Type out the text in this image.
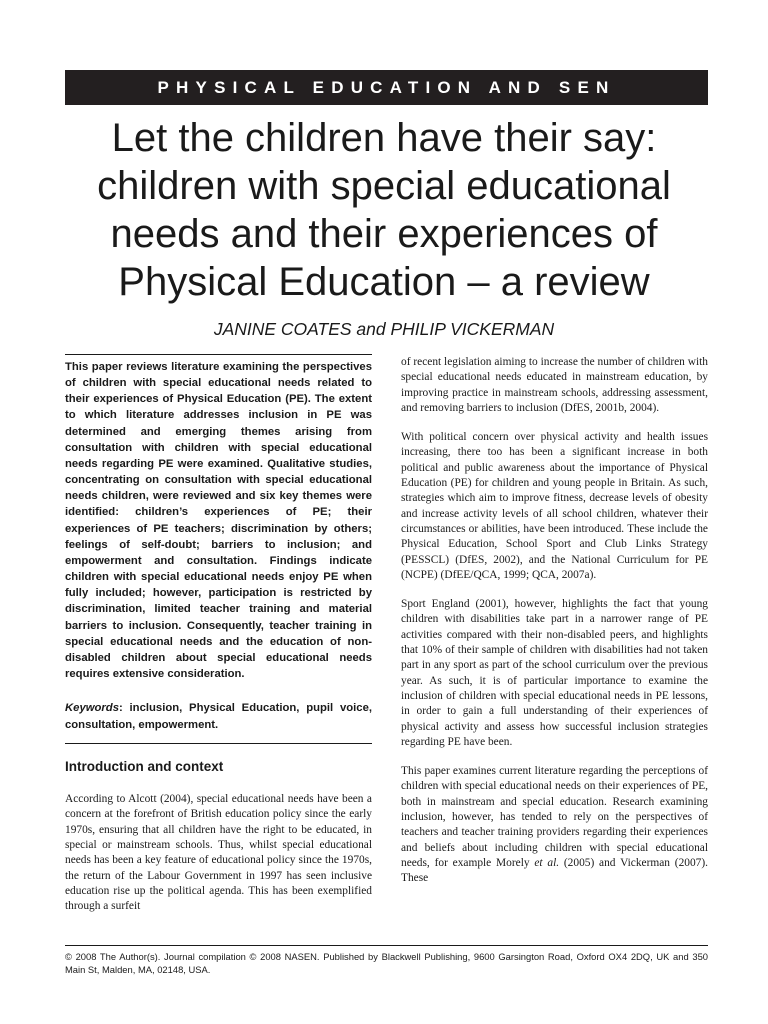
PHYSICAL EDUCATION AND SEN
Let the children have their say:
children with special educational
needs and their experiences of
Physical Education – a review
JANINE COATES and PHILIP VICKERMAN

This paper reviews literature examining the perspectives of children with special educational needs related to their experiences of Physical Education (PE). The extent to which literature addresses inclusion in PE was determined and emerging themes arising from consultation with children with special educational needs regarding PE were examined. Qualitative studies, concentrating on consultation with special educational needs children, were reviewed and six key themes were identified: children’s experiences of PE; their experiences of PE teachers; discrimination by others; feelings of self-doubt; barriers to inclusion; and empowerment and consultation. Findings indicate children with special educational needs enjoy PE when fully included; however, participation is restricted by discrimination, limited teacher training and material barriers to inclusion. Consequently, teacher training in special educational needs and the education of non-disabled children about special educational needs requires extensive consideration.

Keywords: inclusion, Physical Education, pupil voice, consultation, empowerment.

Introduction and context

According to Alcott (2004), special educational needs have been a concern at the forefront of British education policy since the early 1970s, ensuring that all children have the right to be educated, in special or mainstream schools. Thus, whilst special educational needs has been a key feature of educational policy since the 1970s, the return of the Labour Government in 1997 has seen inclusive education rise up the political agenda. This has been exemplified through a surfeit

of recent legislation aiming to increase the number of children with special educational needs educated in mainstream education, by improving practice in mainstream schools, addressing assessment, and removing barriers to inclusion (DfES, 2001b, 2004).

With political concern over physical activity and health issues increasing, there too has been a significant increase in both political and public awareness about the importance of Physical Education (PE) for children and young people in Britain. As such, strategies which aim to improve fitness, decrease levels of obesity and increase activity levels of all school children, whatever their circumstances or abilities, have been introduced. These include the Physical Education, School Sport and Club Links Strategy (PESSCL) (DfES, 2002), and the National Curriculum for PE (NCPE) (DfEE/QCA, 1999; QCA, 2007a).

Sport England (2001), however, highlights the fact that young children with disabilities take part in a narrower range of PE activities compared with their non-disabled peers, and highlights that 10% of their sample of children with disabilities had not taken part in any sport as part of the school curriculum over the previous year. As such, it is of particular importance to examine the inclusion of children with special educational needs in PE lessons, in order to gain a full understanding of their experiences of physical activity and assess how successful inclusion strategies regarding PE have been.

This paper examines current literature regarding the perceptions of children with special educational needs on their experiences of PE, both in mainstream and special education. Research examining inclusion, however, has tended to rely on the perspectives of teachers and teacher training providers regarding their experiences and beliefs about including children with special educational needs, for example Morely et al. (2005) and Vickerman (2007). These

© 2008 The Author(s). Journal compilation © 2008 NASEN. Published by Blackwell Publishing, 9600 Garsington Road, Oxford OX4 2DQ, UK and 350 Main St, Malden, MA, 02148, USA.
